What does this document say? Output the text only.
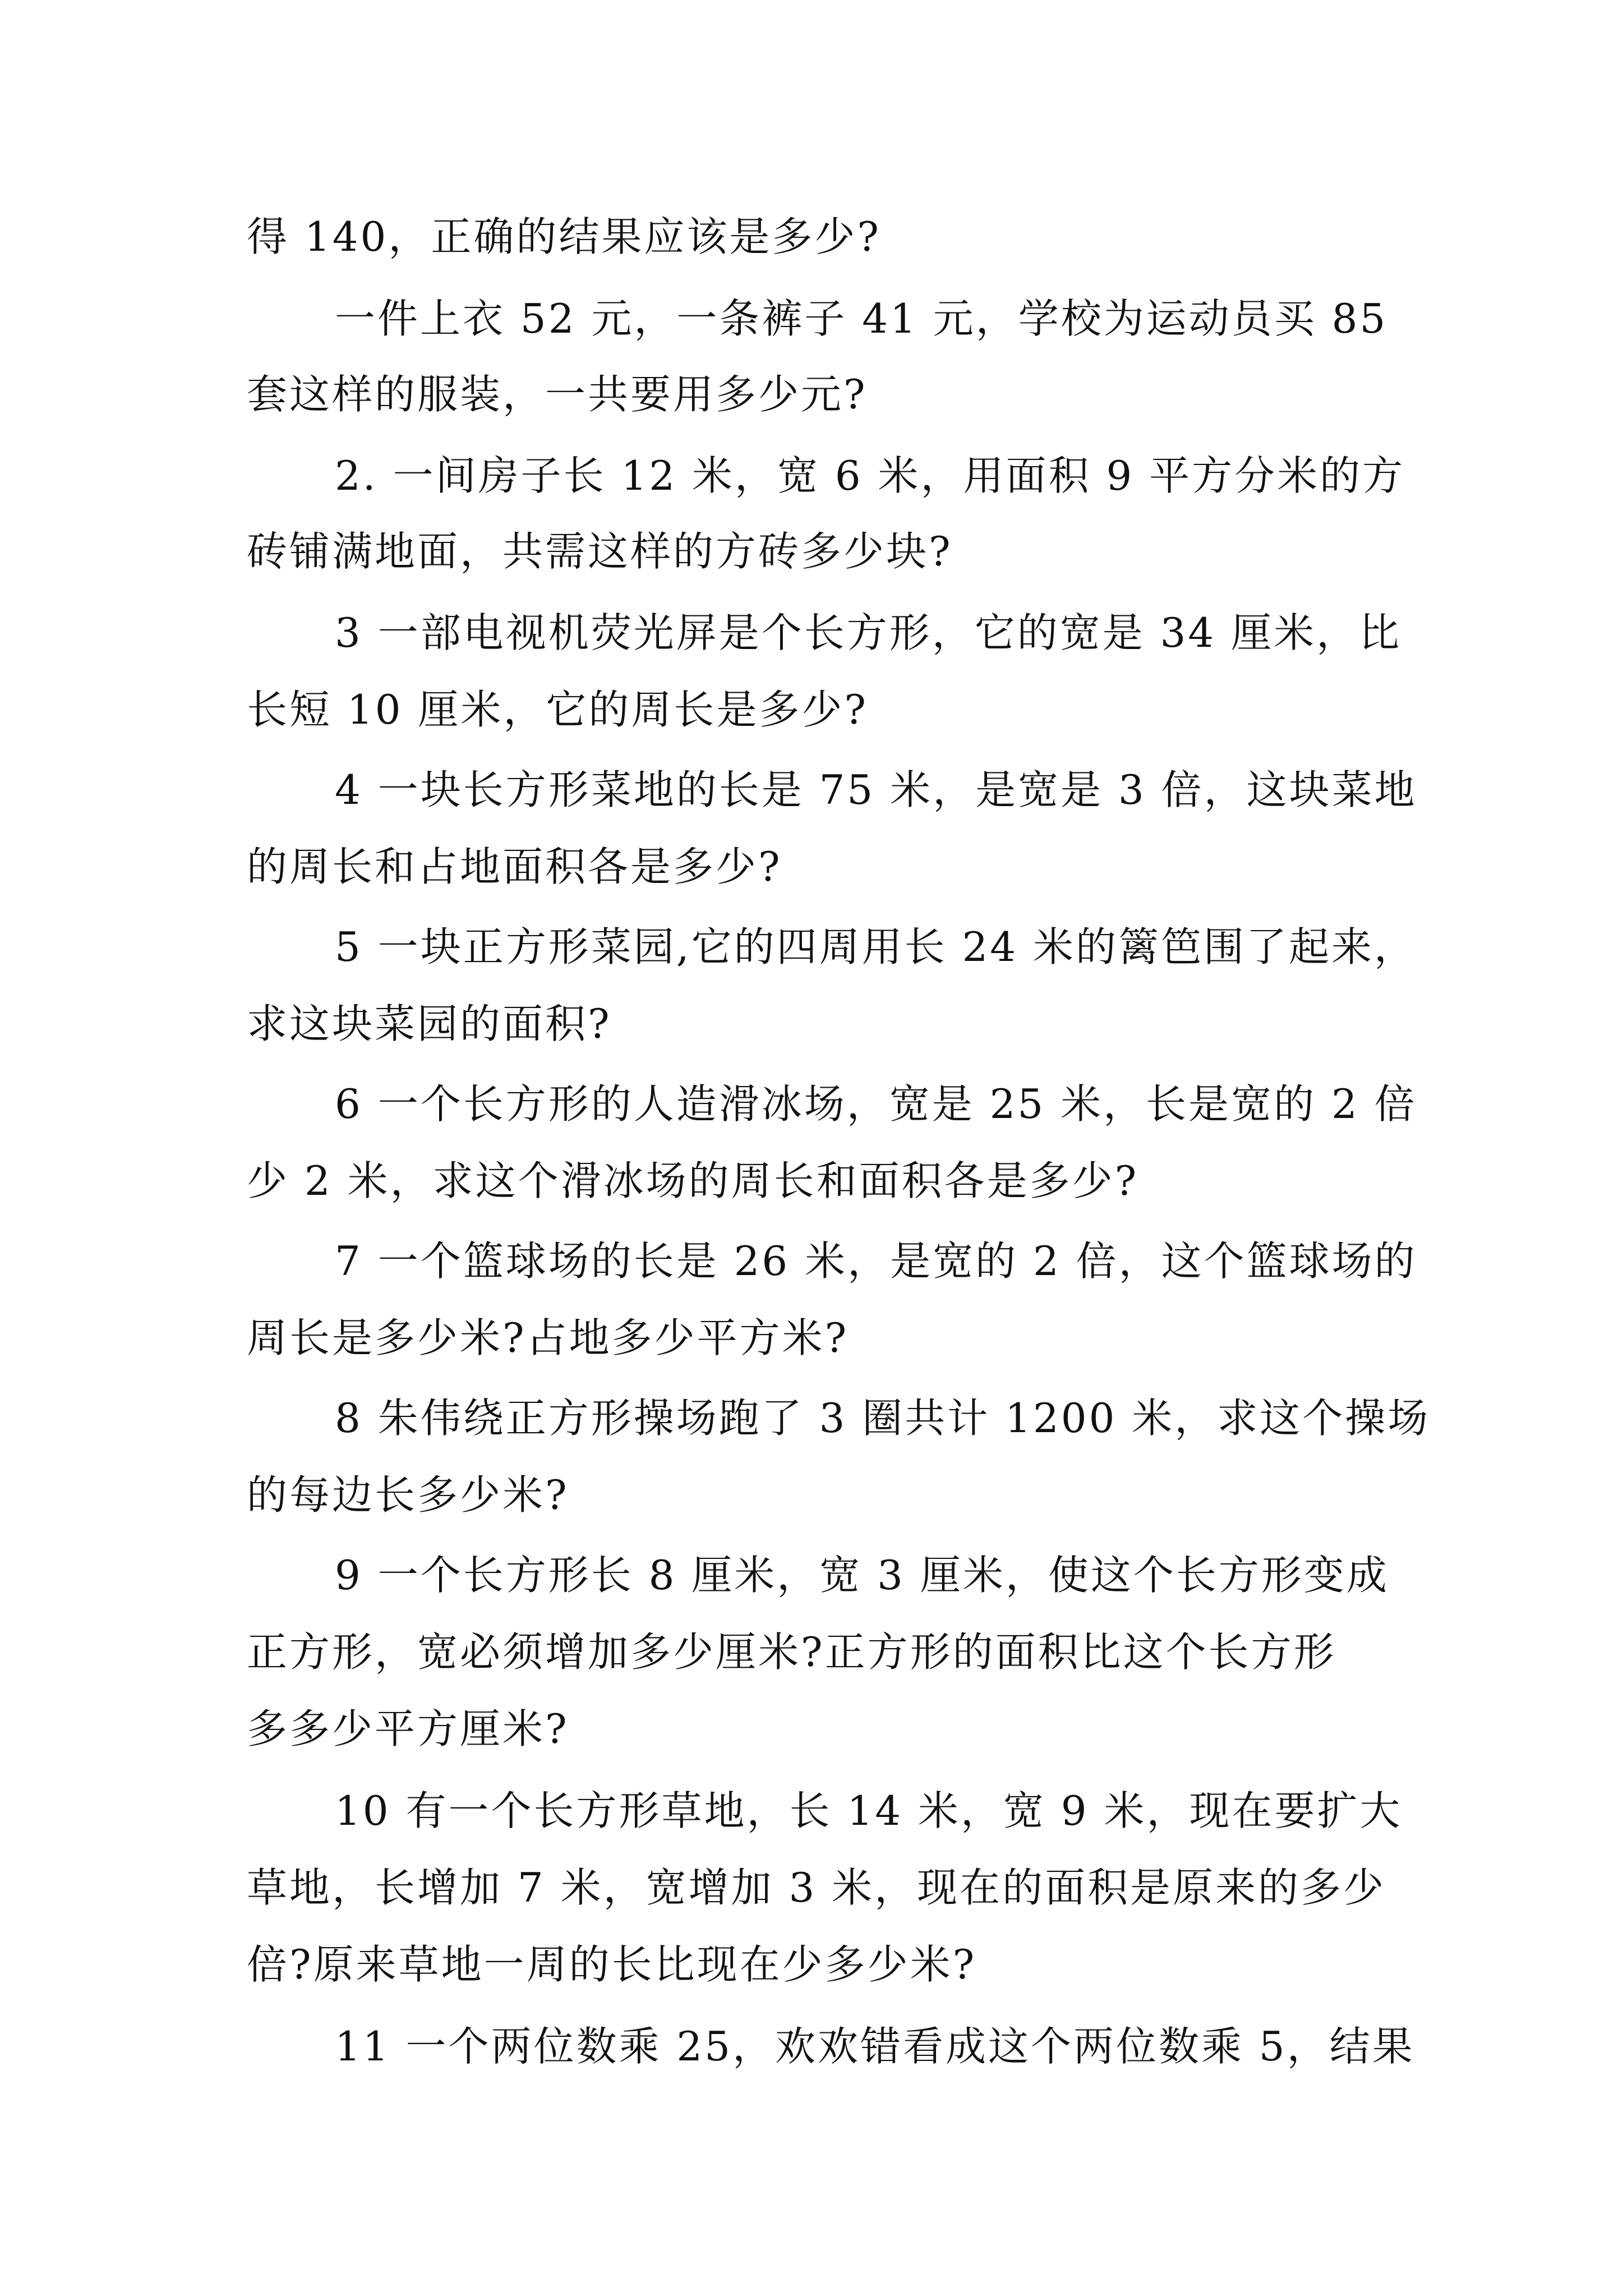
得 140，正确的结果应该是多少?
一件上衣 52 元，一条裤子 41 元，学校为运动员买 85
套这样的服装，一共要用多少元?
2. 一间房子长 12 米，宽 6 米，用面积 9 平方分米的方
砖铺满地面，共需这样的方砖多少块?
3 一部电视机荧光屏是个长方形，它的宽是 34 厘米，比
长短 10 厘米，它的周长是多少?
4 一块长方形菜地的长是 75 米，是宽是 3 倍，这块菜地
的周长和占地面积各是多少?
5 一块正方形菜园,它的四周用长 24 米的篱笆围了起来，
求这块菜园的面积?
6 一个长方形的人造滑冰场，宽是 25 米，长是宽的 2 倍
少 2 米，求这个滑冰场的周长和面积各是多少?
7 一个篮球场的长是 26 米，是宽的 2 倍，这个篮球场的
周长是多少米?占地多少平方米?
8 朱伟绕正方形操场跑了 3 圈共计 1200 米，求这个操场
的每边长多少米?
9 一个长方形长 8 厘米，宽 3 厘米，使这个长方形变成
正方形，宽必须增加多少厘米?正方形的面积比这个长方形
多多少平方厘米?
10 有一个长方形草地，长 14 米，宽 9 米，现在要扩大
草地，长增加 7 米，宽增加 3 米，现在的面积是原来的多少
倍?原来草地一周的长比现在少多少米?
11 一个两位数乘 25，欢欢错看成这个两位数乘 5，结果
